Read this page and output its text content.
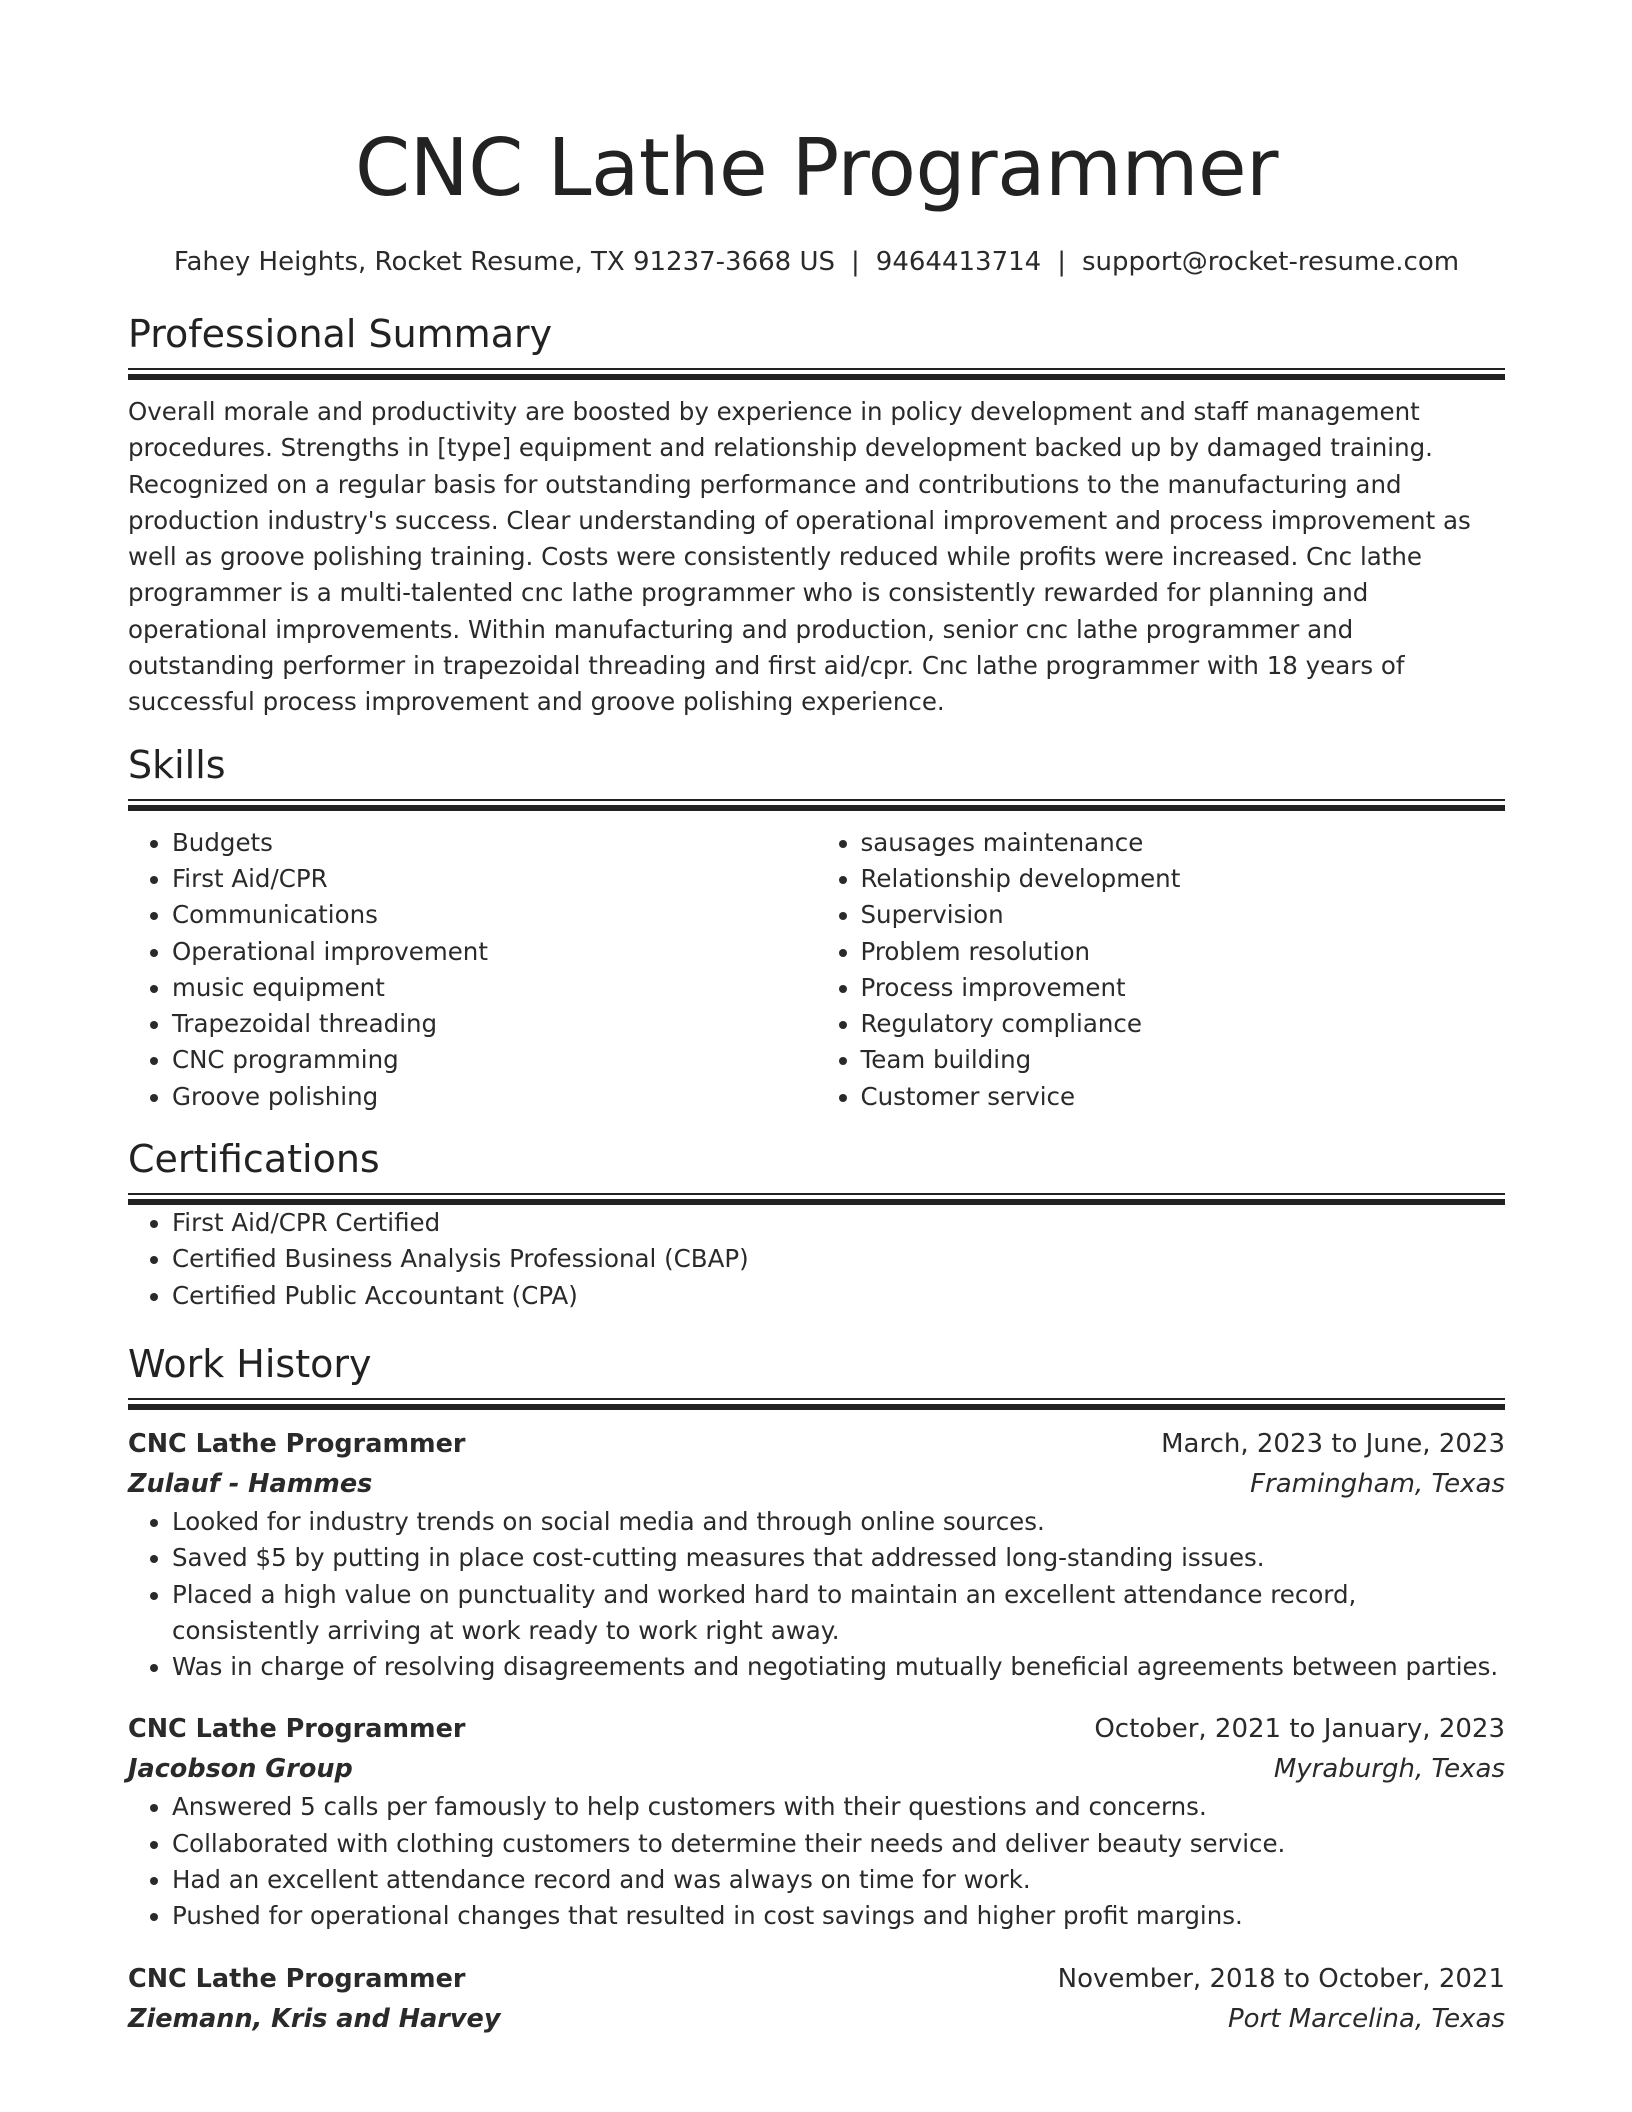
CNC Lathe Programmer
Fahey Heights, Rocket Resume, TX 91237-3668 US | 9464413714 | support@rocket-resume.com
Professional Summary

Overall morale and productivity are boosted by experience in policy development and staff management procedures. Strengths in [type] equipment and relationship development backed up by damaged training. Recognized on a regular basis for outstanding performance and contributions to the manufacturing and production industry's success. Clear understanding of operational improvement and process improvement as well as groove polishing training. Costs were consistently reduced while profits were increased. Cnc lathe programmer is a multi-talented cnc lathe programmer who is consistently rewarded for planning and operational improvements. Within manufacturing and production, senior cnc lathe programmer and outstanding performer in trapezoidal threading and first aid/cpr. Cnc lathe programmer with 18 years of successful process improvement and groove polishing experience.

Skills
• Budgets
• First Aid/CPR
• Communications
• Operational improvement
• music equipment
• Trapezoidal threading
• CNC programming
• Groove polishing
• sausages maintenance
• Relationship development
• Supervision
• Problem resolution
• Process improvement
• Regulatory compliance
• Team building
• Customer service
Certifications
• First Aid/CPR Certified
• Certified Business Analysis Professional (CBAP)
• Certified Public Accountant (CPA)
Work History
CNC Lathe Programmer	March, 2023 to June, 2023
Zulauf - Hammes	Framingham, Texas
• Looked for industry trends on social media and through online sources.
• Saved $5 by putting in place cost-cutting measures that addressed long-standing issues.
• Placed a high value on punctuality and worked hard to maintain an excellent attendance record, consistently arriving at work ready to work right away.
• Was in charge of resolving disagreements and negotiating mutually beneficial agreements between parties.
CNC Lathe Programmer	October, 2021 to January, 2023
Jacobson Group	Myraburgh, Texas
• Answered 5 calls per famously to help customers with their questions and concerns.
• Collaborated with clothing customers to determine their needs and deliver beauty service.
• Had an excellent attendance record and was always on time for work.
• Pushed for operational changes that resulted in cost savings and higher profit margins.
CNC Lathe Programmer	November, 2018 to October, 2021
Ziemann, Kris and Harvey	Port Marcelina, Texas
